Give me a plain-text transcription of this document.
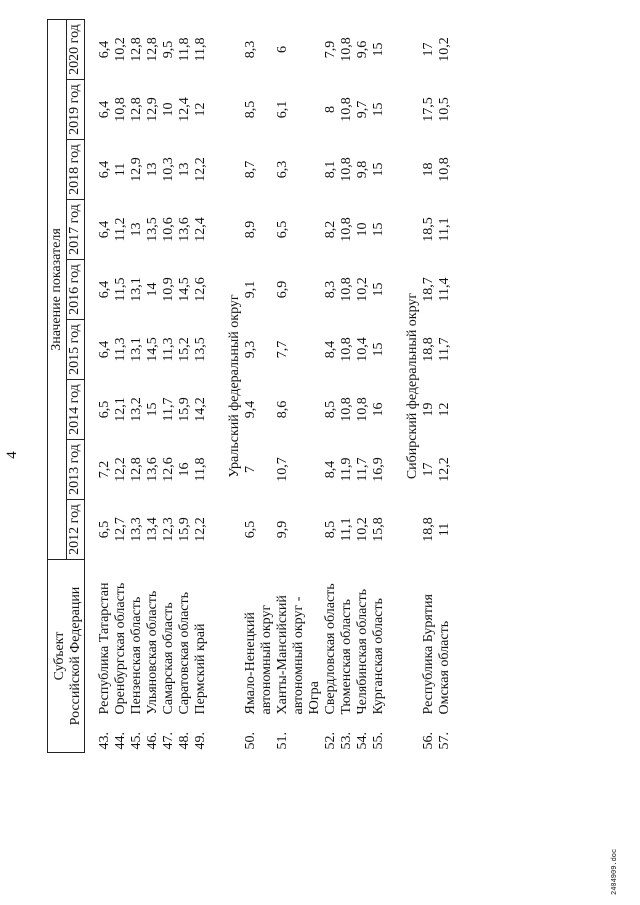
4
Субъект Российской Федерации		Значение показателя								
		2012 год	2013 год	2014 год	2015 год	2016 год	2017 год	2018 год	2019 год	2020 год

43.	Республика Татарстан	6,5	7,2	6,5	6,4	6,4	6,4	6,4	6,4	6,4
44.	Оренбургская область	12,7	12,2	12,1	11,3	11,5	11,2	11	10,8	10,2
45.	Пензенская область	13,3	12,8	13,2	13,1	13,1	13	12,9	12,8	12,8
46.	Ульяновская область	13,4	13,6	15	14,5	14	13,5	13	12,9	12,8
47.	Самарская область	12,3	12,6	11,7	11,3	10,9	10,6	10,3	10	9,5
48.	Саратовская область	15,9	16	15,9	15,2	14,5	13,6	13	12,4	11,8
49.	Пермский край	12,2	11,8	14,2	13,5	12,6	12,4	12,2	12	11,8

Уральский федеральный округ										
50.	Ямало-Ненецкий автономный округ	6,5	7	9,4	9,3	9,1	8,9	8,7	8,5	8,3
51.	Ханты-Мансийский автономный округ - Югра	9,9	10,7	8,6	7,7	6,9	6,5	6,3	6,1	6
52.	Свердловская область	8,5	8,4	8,5	8,4	8,3	8,2	8,1	8	7,9
53.	Тюменская область	11,1	11,9	10,8	10,8	10,8	10,8	10,8	10,8	10,8
54.	Челябинская область	10,2	11,7	10,8	10,4	10,2	10	9,8	9,7	9,6
55.	Курганская область	15,8	16,9	16	15	15	15	15	15	15

Сибирский федеральный округ										
56.	Республика Бурятия	18,8	17	19	18,8	18,7	18,5	18	17,5	17
57.	Омская область	11	12,2	12	11,7	11,4	11,1	10,8	10,5	10,2
2404909.doc
